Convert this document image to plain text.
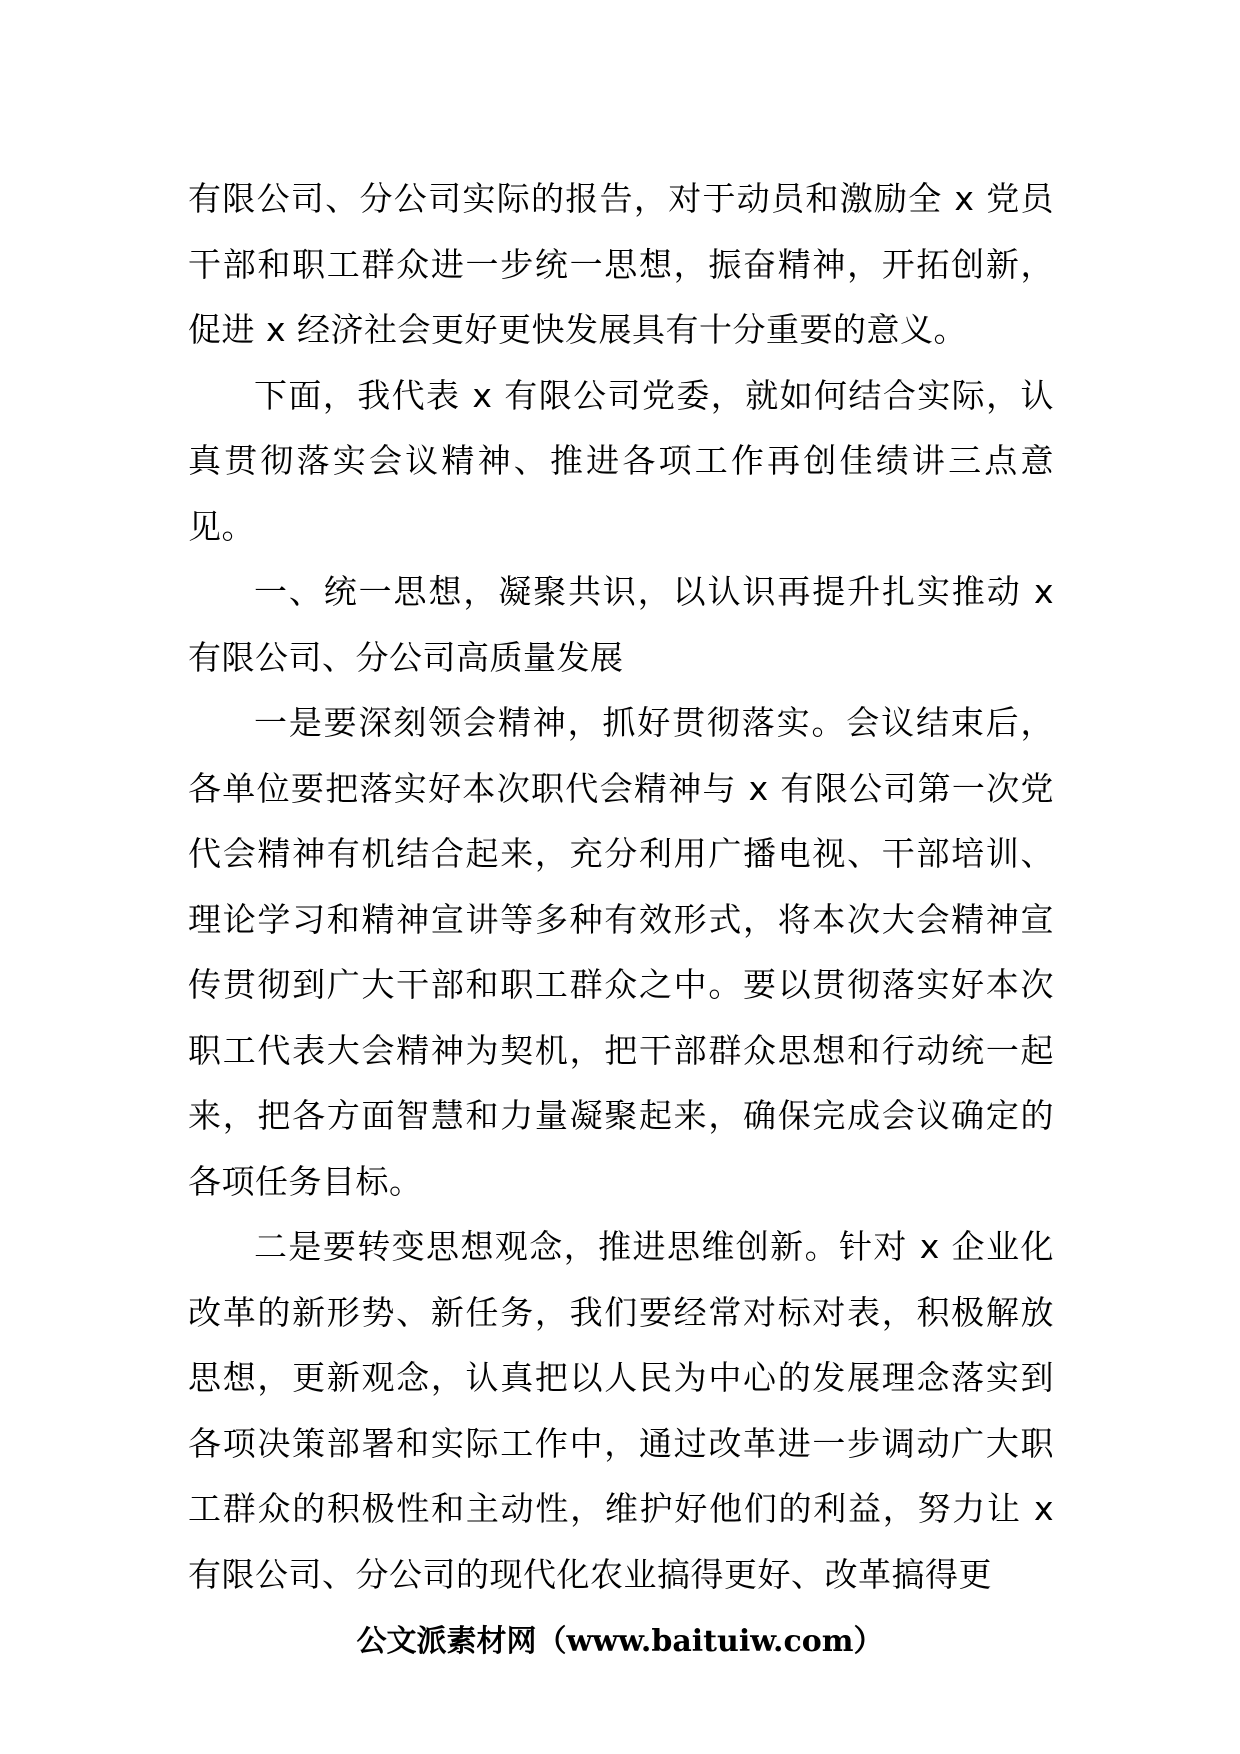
有限公司、分公司实际的报告，对于动员和激励全 x 党员干部和职工群众进一步统一思想，振奋精神，开拓创新，促进 x 经济社会更好更快发展具有十分重要的意义。

下面，我代表 x 有限公司党委，就如何结合实际，认真贯彻落实会议精神、推进各项工作再创佳绩讲三点意见。

一、统一思想，凝聚共识，以认识再提升扎实推动 x 有限公司、分公司高质量发展

一是要深刻领会精神，抓好贯彻落实。会议结束后，各单位要把落实好本次职代会精神与 x 有限公司第一次党代会精神有机结合起来，充分利用广播电视、干部培训、理论学习和精神宣讲等多种有效形式，将本次大会精神宣传贯彻到广大干部和职工群众之中。要以贯彻落实好本次职工代表大会精神为契机，把干部群众思想和行动统一起来，把各方面智慧和力量凝聚起来，确保完成会议确定的各项任务目标。

二是要转变思想观念，推进思维创新。针对 x 企业化改革的新形势、新任务，我们要经常对标对表，积极解放思想，更新观念，认真把以人民为中心的发展理念落实到各项决策部署和实际工作中，通过改革进一步调动广大职工群众的积极性和主动性，维护好他们的利益，努力让 x 有限公司、分公司的现代化农业搞得更好、改革搞得更

公文派素材网（www.baituiw.com）
